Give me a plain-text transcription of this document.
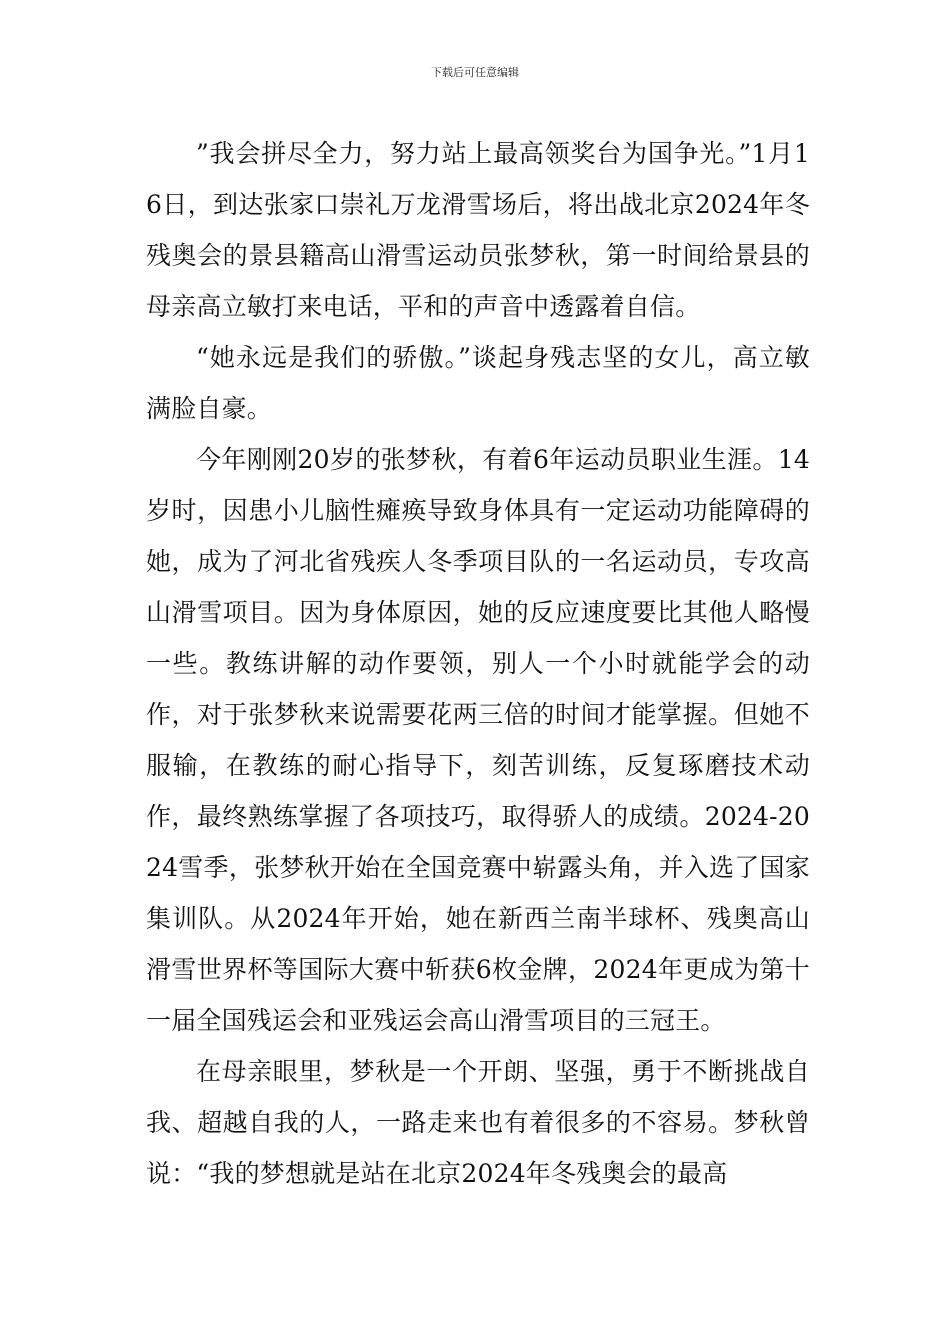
下载后可任意编辑

”我会拼尽全力，努力站上最高领奖台为国争光。”1月16日，到达张家口崇礼万龙滑雪场后，将出战北京2024年冬残奥会的景县籍高山滑雪运动员张梦秋，第一时间给景县的母亲高立敏打来电话，平和的声音中透露着自信。

“她永远是我们的骄傲。”谈起身残志坚的女儿，高立敏满脸自豪。

今年刚刚20岁的张梦秋，有着6年运动员职业生涯。14岁时，因患小儿脑性瘫痪导致身体具有一定运动功能障碍的她，成为了河北省残疾人冬季项目队的一名运动员，专攻高山滑雪项目。因为身体原因，她的反应速度要比其他人略慢一些。教练讲解的动作要领，别人一个小时就能学会的动作，对于张梦秋来说需要花两三倍的时间才能掌握。但她不服输，在教练的耐心指导下，刻苦训练，反复琢磨技术动作，最终熟练掌握了各项技巧，取得骄人的成绩。2024-2024雪季，张梦秋开始在全国竞赛中崭露头角，并入选了国家集训队。从2024年开始，她在新西兰南半球杯、残奥高山滑雪世界杯等国际大赛中斩获6枚金牌，2024年更成为第十一届全国残运会和亚残运会高山滑雪项目的三冠王。

在母亲眼里，梦秋是一个开朗、坚强，勇于不断挑战自我、超越自我的人，一路走来也有着很多的不容易。梦秋曾说：“我的梦想就是站在北京2024年冬残奥会的最高
